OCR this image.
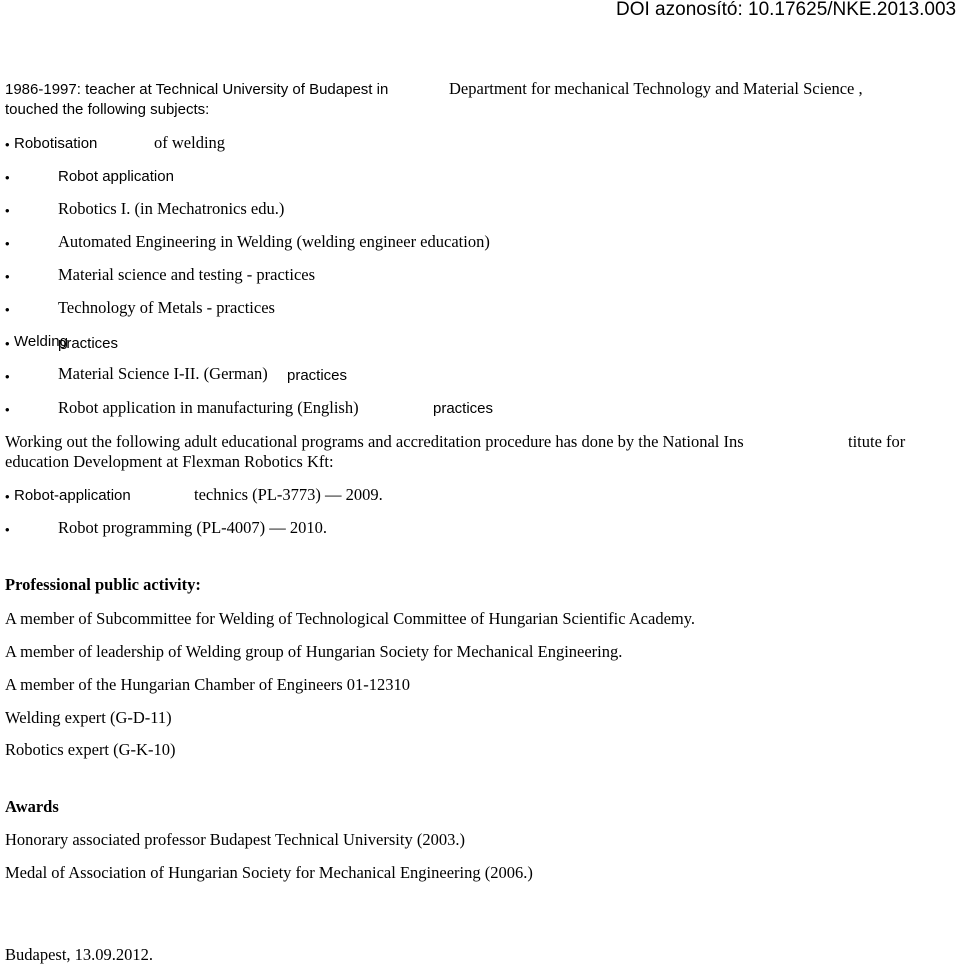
DOI azonosító: 10.17625/NKE.2013.003
1986-1997: teacher at Technical University of Budapest in	Department for mechanical Technology and Material Science ,
touched the following subjects:
• Robotisation	of welding
•	Robot application
•	Robotics I. (in Mechatronics edu.)
•	Automated Engineering in Welding (welding engineer education)
•	Material science and testing - practices
•	Technology of Metals - practices
• Welding
practices
•	Material Science I-II. (German) practices
•	Robot application in manufacturing (English)	practices
Working out the following adult educational programs and accreditation procedure has done by the National Ins	titute for
education Development at Flexman Robotics Kft:
• Robot-application	technics (PL-3773) — 2009.
•	Robot programming (PL-4007) — 2010.
Professional public activity:
A member of Subcommittee for Welding of Technological Committee of Hungarian Scientific Academy.
A member of leadership of Welding group of Hungarian Society for Mechanical Engineering.
A member of the Hungarian Chamber of Engineers 01-12310
Welding expert (G-D-11)
Robotics expert (G-K-10)
Awards
Honorary associated professor Budapest Technical University (2003.)
Medal of Association of Hungarian Society for Mechanical Engineering (2006.)
Budapest, 13.09.2012.
